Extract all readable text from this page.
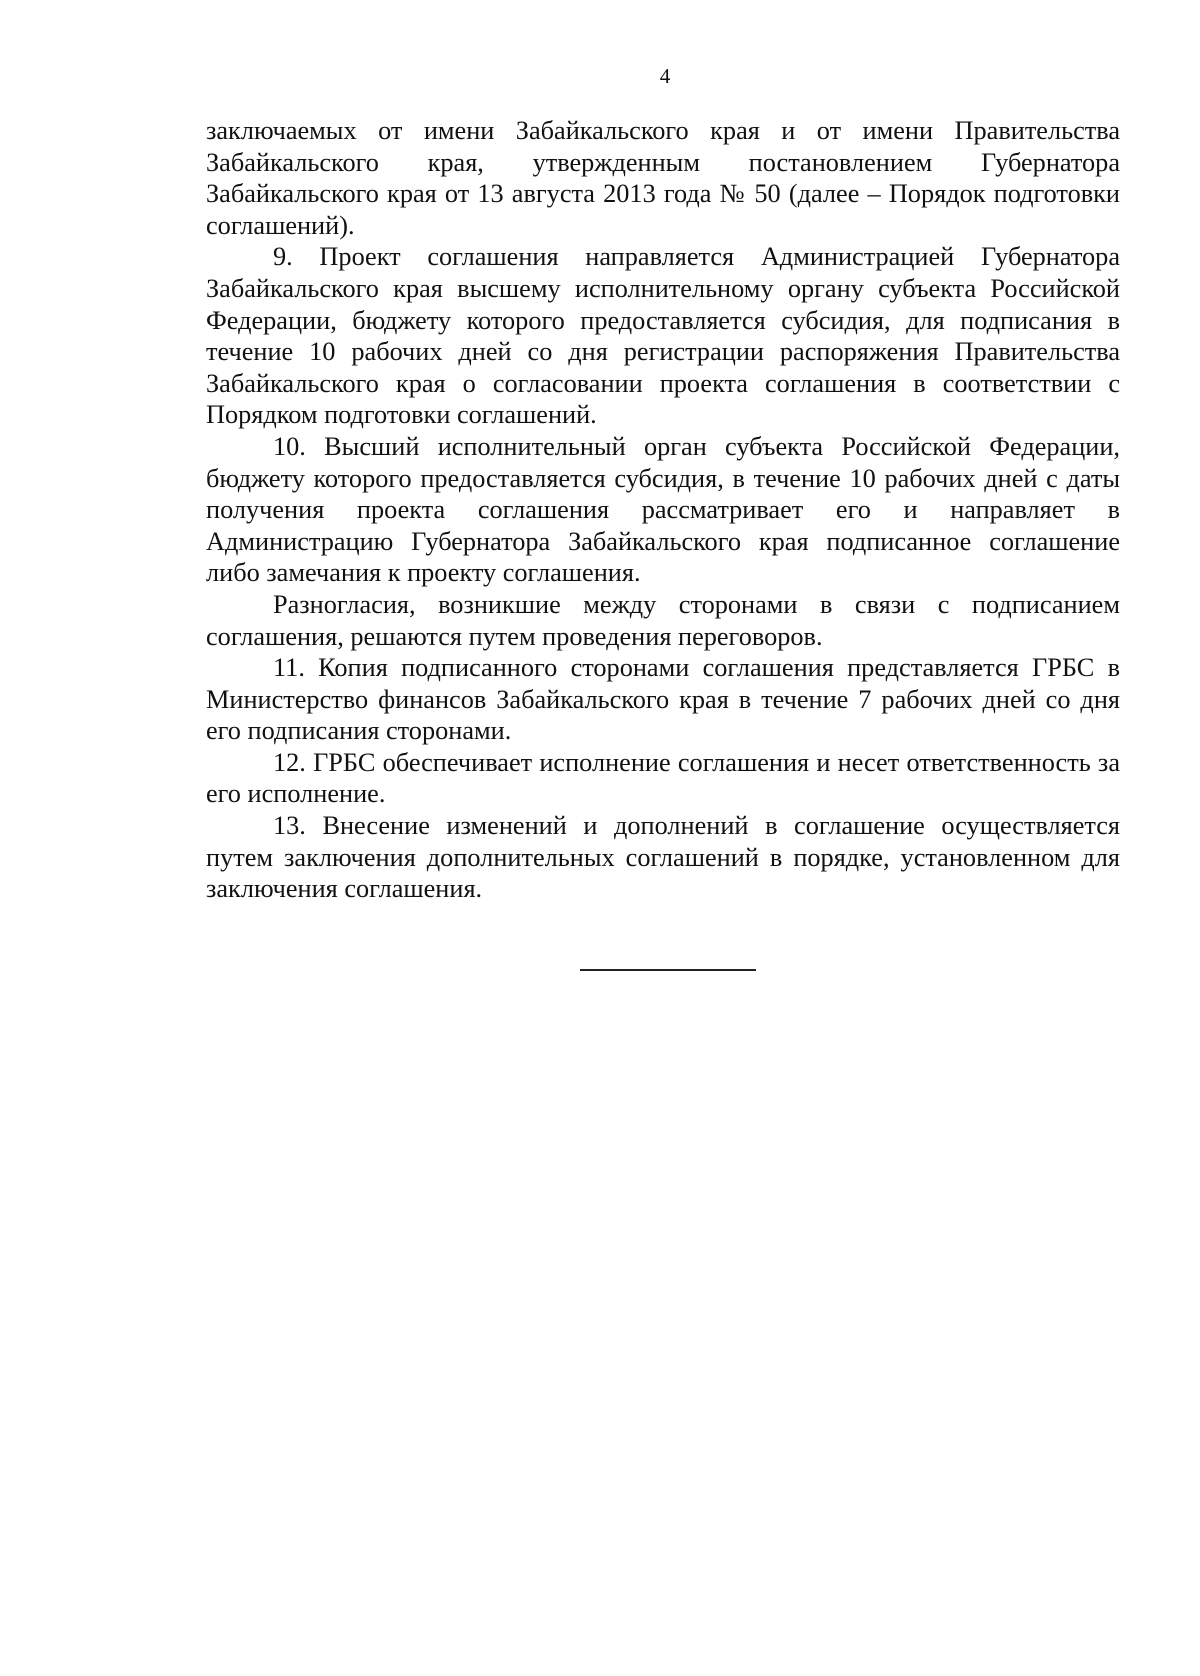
4

заключаемых от имени Забайкальского края и от имени Правительства Забайкальского края, утвержденным постановлением Губернатора Забайкальского края от 13 августа 2013 года № 50 (далее – Порядок подготовки соглашений).

9. Проект соглашения направляется Администрацией Губернатора Забайкальского края высшему исполнительному органу субъекта Российской Федерации, бюджету которого предоставляется субсидия, для подписания в течение 10 рабочих дней со дня регистрации распоряжения Правительства Забайкальского края о согласовании проекта соглашения в соответствии с Порядком подготовки соглашений.

10. Высший исполнительный орган субъекта Российской Федерации, бюджету которого предоставляется субсидия, в течение 10 рабочих дней с даты получения проекта соглашения рассматривает его и направляет в Администрацию Губернатора Забайкальского края подписанное соглашение либо замечания к проекту соглашения.

Разногласия, возникшие между сторонами в связи с подписанием соглашения, решаются путем проведения переговоров.

11. Копия подписанного сторонами соглашения представляется ГРБС в Министерство финансов Забайкальского края в течение 7 рабочих дней со дня его подписания сторонами.

12. ГРБС обеспечивает исполнение соглашения и несет ответственность за его исполнение.

13. Внесение изменений и дополнений в соглашение осуществляется путем заключения дополнительных соглашений в порядке, установленном для заключения соглашения.
